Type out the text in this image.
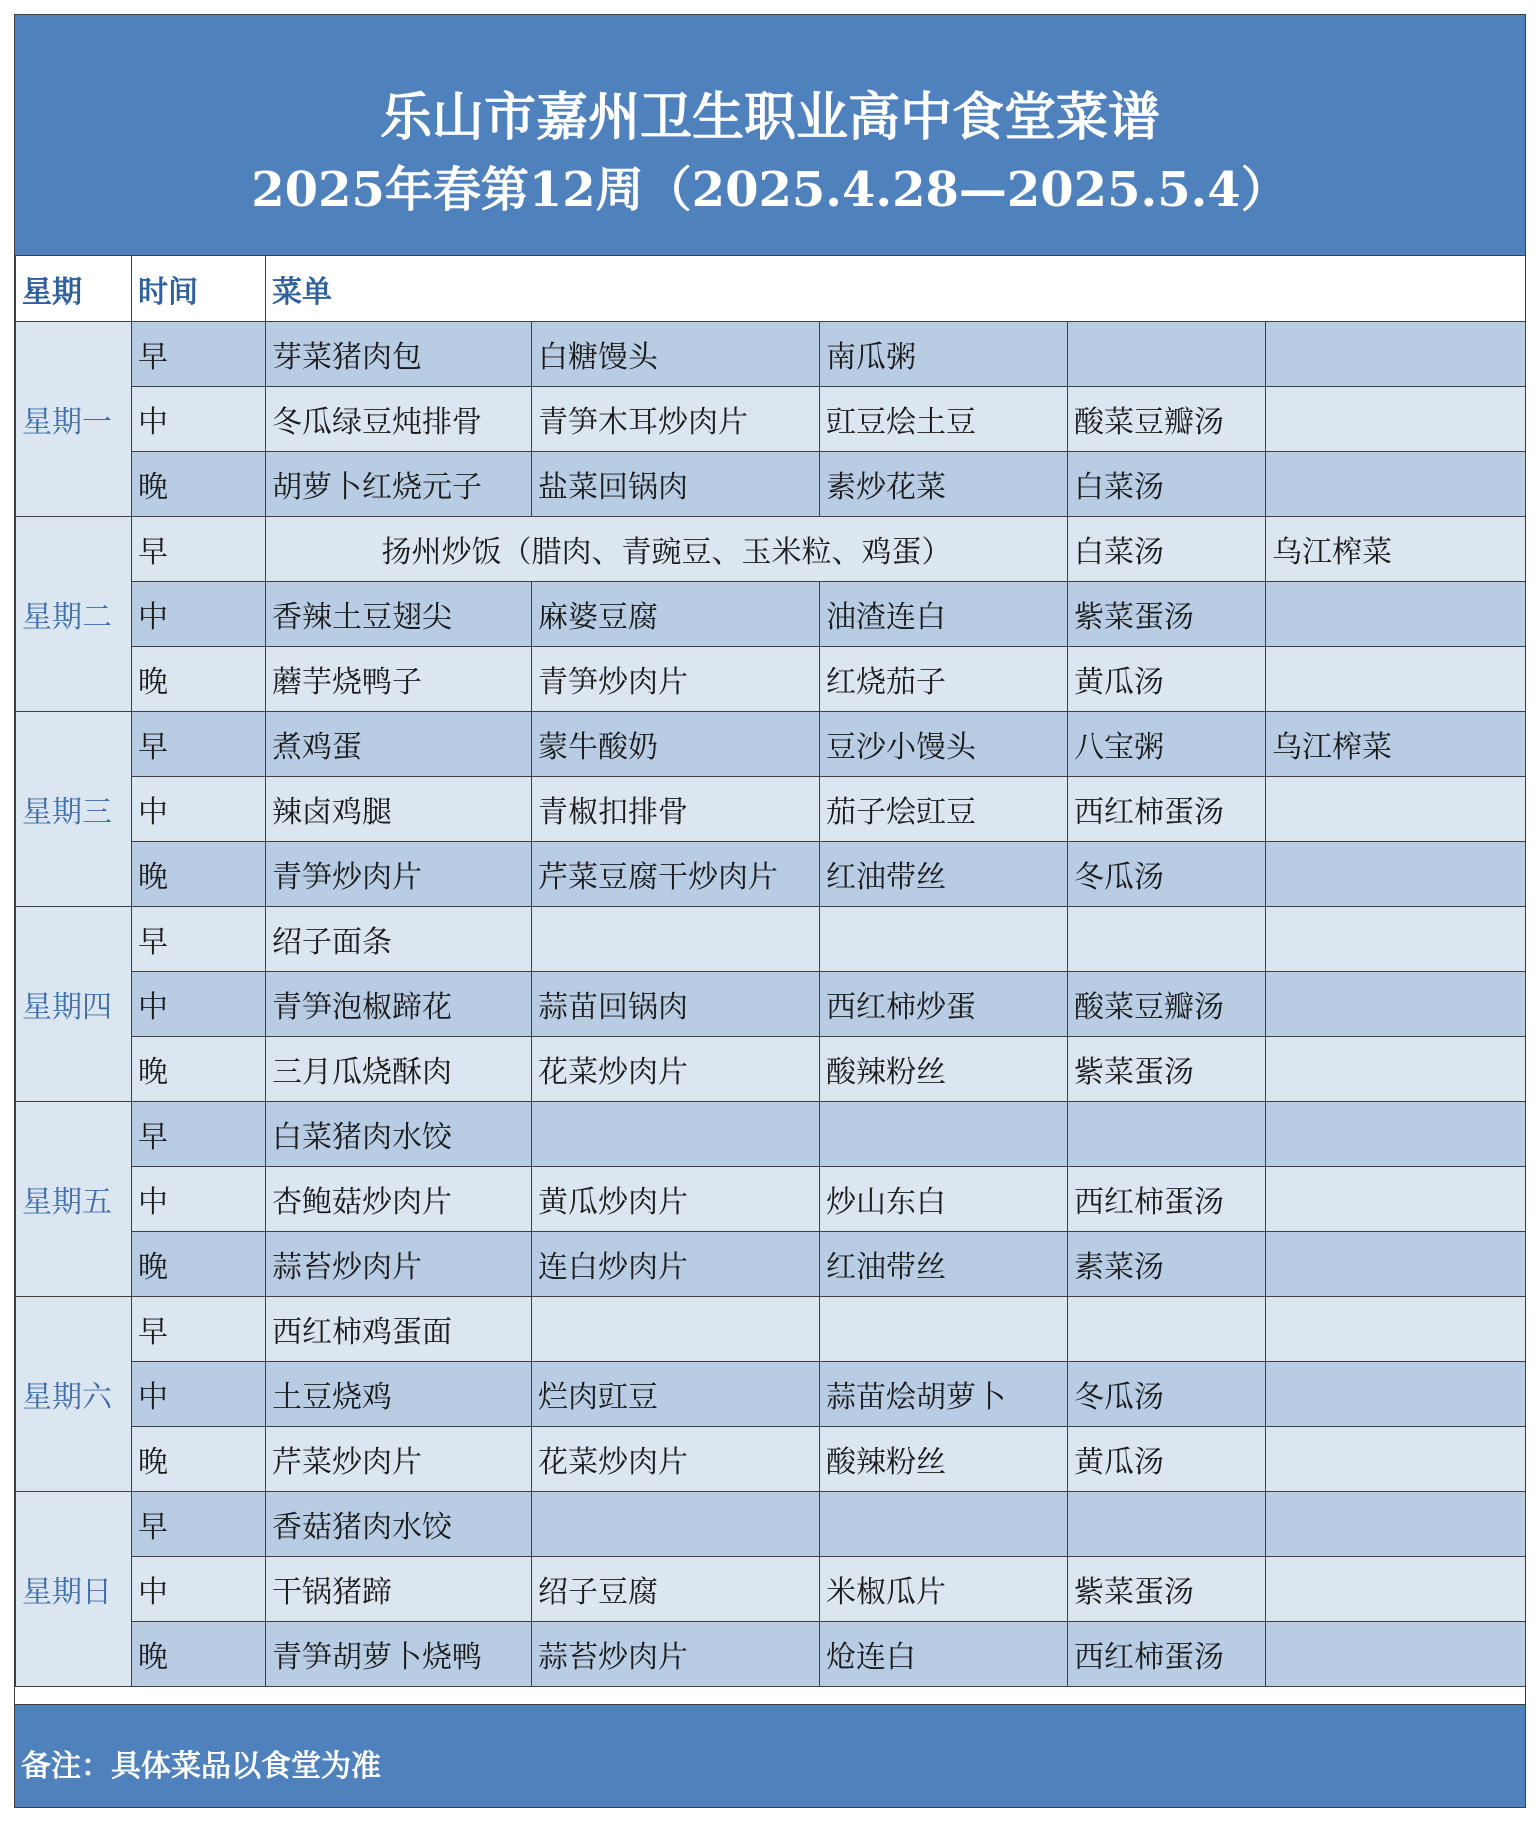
乐山市嘉州卫生职业高中食堂菜谱
2025年春第12周（2025.4.28—2025.5.4）
星期	时间	菜单				
星期一	早	芽菜猪肉包	白糖馒头	南瓜粥		
	中	冬瓜绿豆炖排骨	青笋木耳炒肉片	豇豆烩土豆	酸菜豆瓣汤	
	晚	胡萝卜红烧元子	盐菜回锅肉	素炒花菜	白菜汤	
星期二	早	扬州炒饭（腊肉、青豌豆、玉米粒、鸡蛋）			白菜汤	乌江榨菜
	中	香辣土豆翅尖	麻婆豆腐	油渣连白	紫菜蛋汤	
	晚	蘑芋烧鸭子	青笋炒肉片	红烧茄子	黄瓜汤	
星期三	早	煮鸡蛋	蒙牛酸奶	豆沙小馒头	八宝粥	乌江榨菜
	中	辣卤鸡腿	青椒扣排骨	茄子烩豇豆	西红柿蛋汤	
	晚	青笋炒肉片	芹菜豆腐干炒肉片	红油带丝	冬瓜汤	
星期四	早	绍子面条				
	中	青笋泡椒蹄花	蒜苗回锅肉	西红柿炒蛋	酸菜豆瓣汤	
	晚	三月瓜烧酥肉	花菜炒肉片	酸辣粉丝	紫菜蛋汤	
星期五	早	白菜猪肉水饺				
	中	杏鲍菇炒肉片	黄瓜炒肉片	炒山东白	西红柿蛋汤	
	晚	蒜苔炒肉片	连白炒肉片	红油带丝	素菜汤	
星期六	早	西红柿鸡蛋面				
	中	土豆烧鸡	烂肉豇豆	蒜苗烩胡萝卜	冬瓜汤	
	晚	芹菜炒肉片	花菜炒肉片	酸辣粉丝	黄瓜汤	
星期日	早	香菇猪肉水饺				
	中	干锅猪蹄	绍子豆腐	米椒瓜片	紫菜蛋汤	
	晚	青笋胡萝卜烧鸭	蒜苔炒肉片	炝连白	西红柿蛋汤	
备注：具体菜品以食堂为准
